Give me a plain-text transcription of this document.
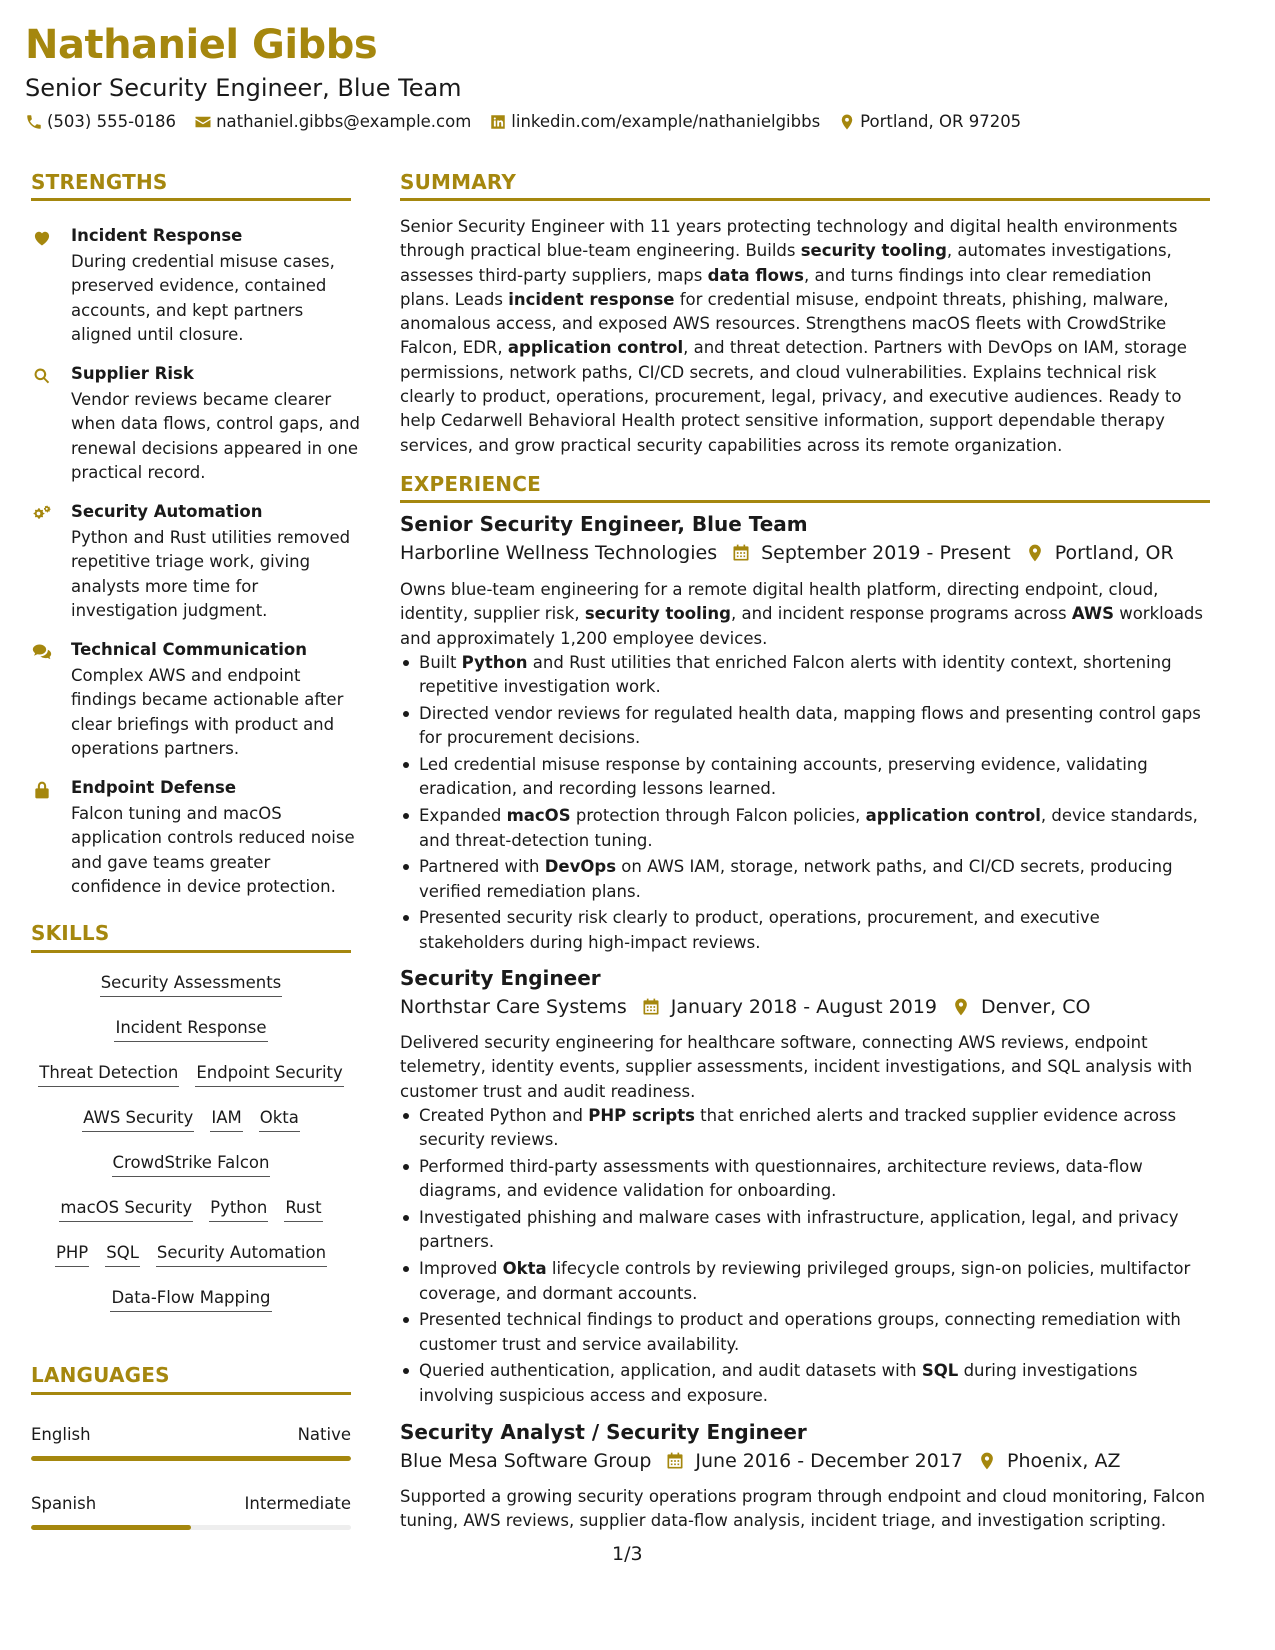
Nathaniel Gibbs
Senior Security Engineer, Blue Team
(503) 555-0186 nathaniel.gibbs@example.com linkedin.com/example/nathanielgibbs Portland, OR 97205
STRENGTHS
Incident Response
During credential misuse cases, preserved evidence, contained accounts, and kept partners aligned until closure.
Supplier Risk
Vendor reviews became clearer when data flows, control gaps, and renewal decisions appeared in one practical record.
Security Automation
Python and Rust utilities removed repetitive triage work, giving analysts more time for investigation judgment.
Technical Communication
Complex AWS and endpoint findings became actionable after clear briefings with product and operations partners.
Endpoint Defense
Falcon tuning and macOS application controls reduced noise and gave teams greater confidence in device protection.
SKILLS
Security Assessments
Incident Response
Threat Detection Endpoint Security
AWS Security IAM Okta
CrowdStrike Falcon
macOS Security Python Rust
PHP SQL Security Automation
Data-Flow Mapping
LANGUAGES
English	Native
Spanish	Intermediate
SUMMARY
Senior Security Engineer with 11 years protecting technology and digital health environments through practical blue-team engineering. Builds security tooling, automates investigations, assesses third-party suppliers, maps data flows, and turns findings into clear remediation plans. Leads incident response for credential misuse, endpoint threats, phishing, malware, anomalous access, and exposed AWS resources. Strengthens macOS fleets with CrowdStrike Falcon, EDR, application control, and threat detection. Partners with DevOps on IAM, storage permissions, network paths, CI/CD secrets, and cloud vulnerabilities. Explains technical risk clearly to product, operations, procurement, legal, privacy, and executive audiences. Ready to help Cedarwell Behavioral Health protect sensitive information, support dependable therapy services, and grow practical security capabilities across its remote organization.
EXPERIENCE
Senior Security Engineer, Blue Team
Harborline Wellness Technologies September 2019 - Present Portland, OR
Owns blue-team engineering for a remote digital health platform, directing endpoint, cloud, identity, supplier risk, security tooling, and incident response programs across AWS workloads and approximately 1,200 employee devices.
Built Python and Rust utilities that enriched Falcon alerts with identity context, shortening repetitive investigation work.
Directed vendor reviews for regulated health data, mapping flows and presenting control gaps for procurement decisions.
Led credential misuse response by containing accounts, preserving evidence, validating eradication, and recording lessons learned.
Expanded macOS protection through Falcon policies, application control, device standards, and threat-detection tuning.
Partnered with DevOps on AWS IAM, storage, network paths, and CI/CD secrets, producing verified remediation plans.
Presented security risk clearly to product, operations, procurement, and executive stakeholders during high-impact reviews.
Security Engineer
Northstar Care Systems January 2018 - August 2019 Denver, CO
Delivered security engineering for healthcare software, connecting AWS reviews, endpoint telemetry, identity events, supplier assessments, incident investigations, and SQL analysis with customer trust and audit readiness.
Created Python and PHP scripts that enriched alerts and tracked supplier evidence across security reviews.
Performed third-party assessments with questionnaires, architecture reviews, data-flow diagrams, and evidence validation for onboarding.
Investigated phishing and malware cases with infrastructure, application, legal, and privacy partners.
Improved Okta lifecycle controls by reviewing privileged groups, sign-on policies, multifactor coverage, and dormant accounts.
Presented technical findings to product and operations groups, connecting remediation with customer trust and service availability.
Queried authentication, application, and audit datasets with SQL during investigations involving suspicious access and exposure.
Security Analyst / Security Engineer
Blue Mesa Software Group June 2016 - December 2017 Phoenix, AZ
Supported a growing security operations program through endpoint and cloud monitoring, Falcon tuning, AWS reviews, supplier data-flow analysis, incident triage, and investigation scripting.
1/3
